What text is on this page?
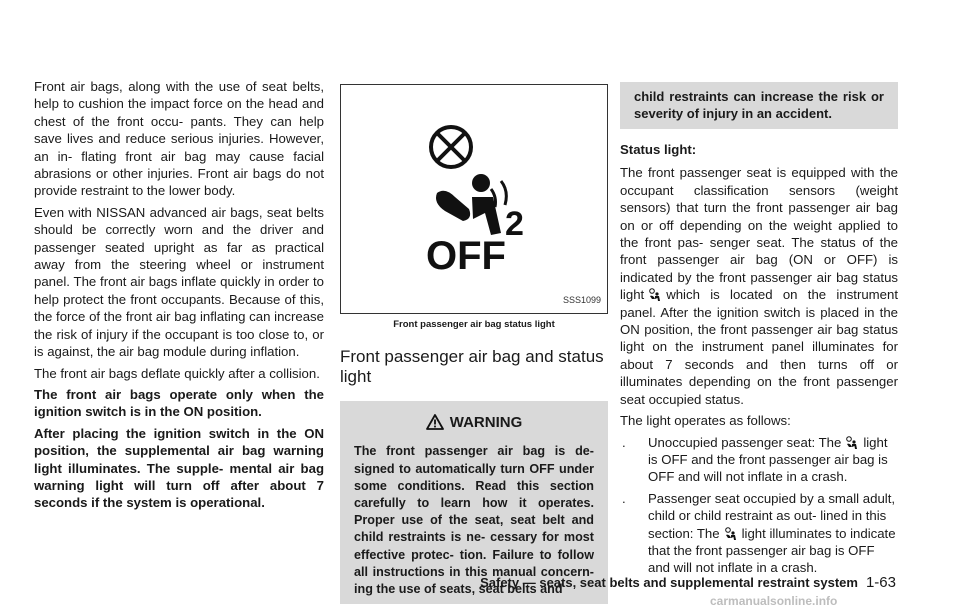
Front air bags, along with the use of seat belts, help to cushion the impact force on the head and chest of the front occu- pants. They can help save lives and reduce serious injuries. However, an in- flating front air bag may cause facial abrasions or other injuries. Front air bags do not provide restraint to the lower body.

Even with NISSAN advanced air bags, seat belts should be correctly worn and the driver and passenger seated upright as far as practical away from the steering wheel or instrument panel. The front air bags inflate quickly in order to help protect the front occupants. Because of this, the force of the front air bag inflating can increase the risk of injury if the occupant is too close to, or is against, the air bag module during inflation.

The front air bags deflate quickly after a collision.

The front air bags operate only when the ignition switch is in the ON position.

After placing the ignition switch in the ON position, the supplemental air bag warning light illuminates. The supple- mental air bag warning light will turn off after about 7 seconds if the system is operational.

2
OFF
SSS1099
Front passenger air bag status light
Front passenger air bag and status light
WARNING

The front passenger air bag is de- signed to automatically turn OFF under some conditions. Read this section carefully to learn how it operates. Proper use of the seat, seat belt and child restraints is ne- cessary for most effective protec- tion. Failure to follow all instructions in this manual concern- ing the use of seats, seat belts and

child restraints can increase the risk or severity of injury in an accident.

Status light:

The front passenger seat is equipped with the occupant classification sensors (weight sensors) that turn the front passenger air bag on or off depending on the weight applied to the front pas- senger seat. The status of the front passenger air bag (ON or OFF) is indicated by the front passenger air bag status light which is located on the instrument panel. After the ignition switch is placed in the ON position, the front passenger air bag status light on the instrument panel illuminates for about 7 seconds and then turns off or illuminates depending on the front passenger seat occupied status.

The light operates as follows:

. Unoccupied passenger seat: The light is OFF and the front passenger air bag is OFF and will not inflate in a crash.
. Passenger seat occupied by a small adult, child or child restraint as out- lined in this section: The light illuminates to indicate that the front passenger air bag is OFF and will not inflate in a crash.
Safety — seats, seat belts and supplemental restraint system 1-63
carmanualsonline.info
